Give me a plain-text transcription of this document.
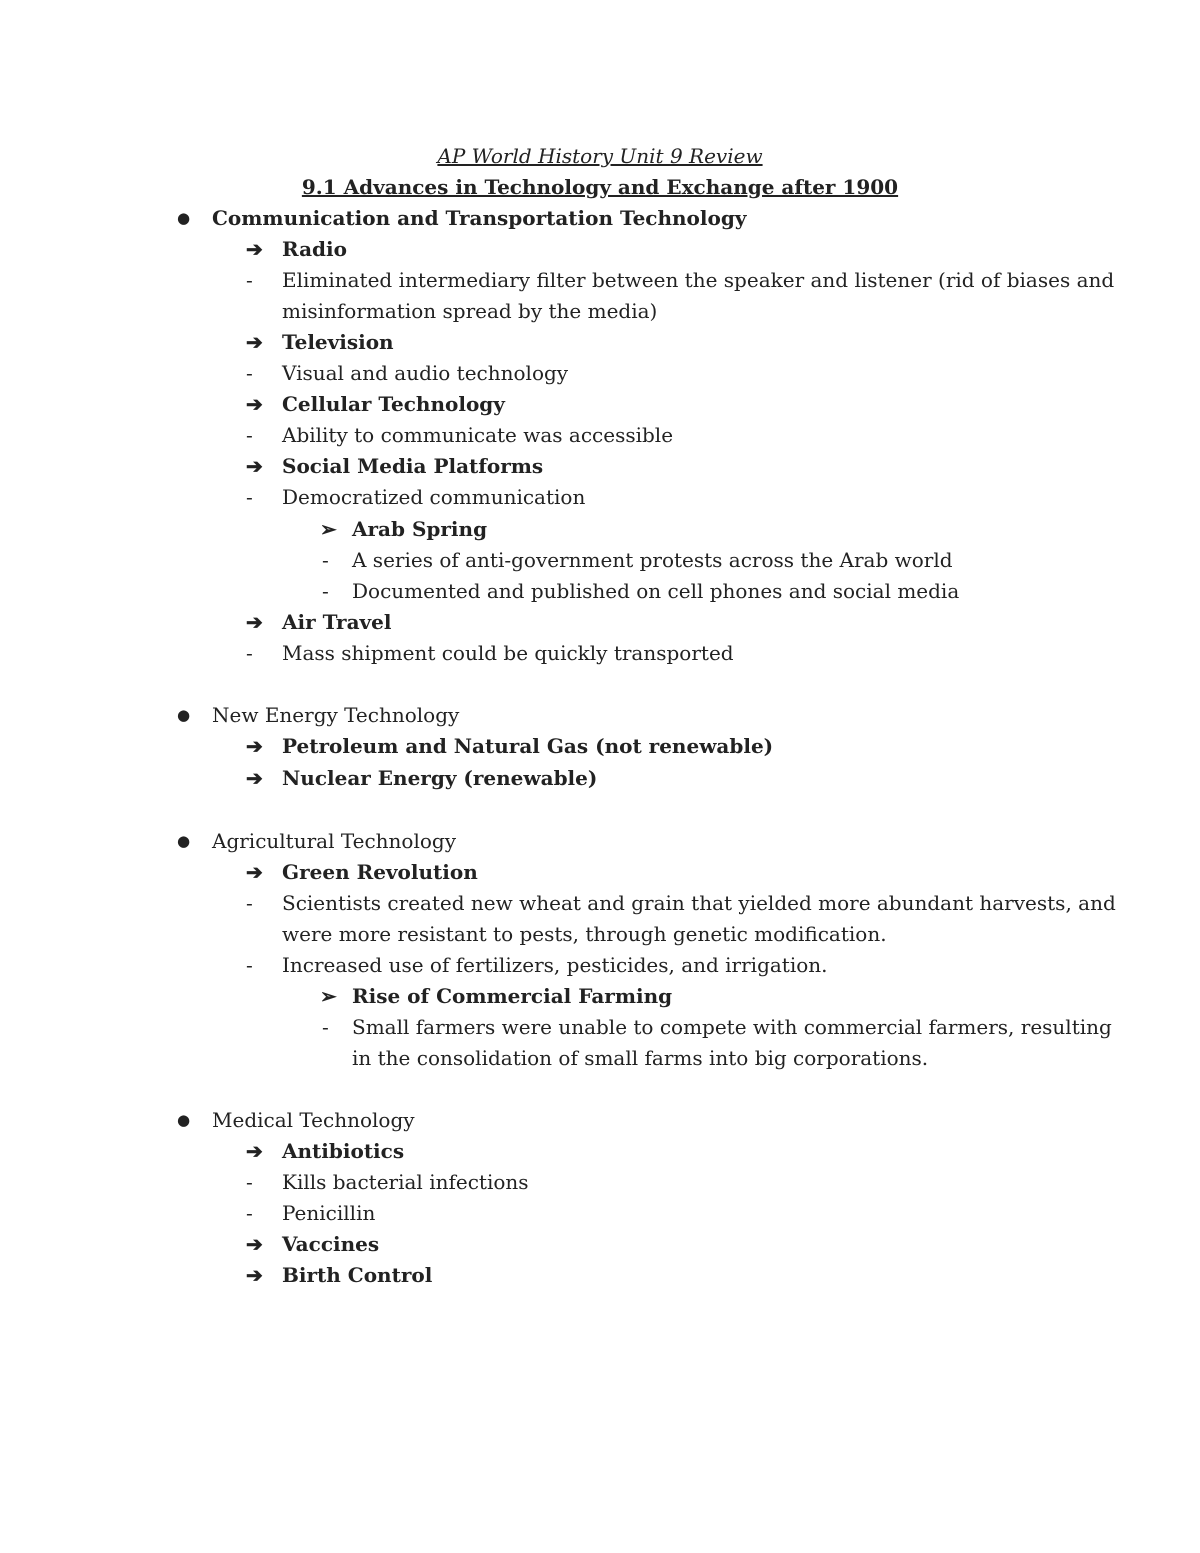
AP World History Unit 9 Review
9.1 Advances in Technology and Exchange after 1900
● Communication and Transportation Technology
➔ Radio
- Eliminated intermediary filter between the speaker and listener (rid of biases and
misinformation spread by the media)
➔ Television
- Visual and audio technology
➔ Cellular Technology
- Ability to communicate was accessible
➔ Social Media Platforms
- Democratized communication
➢ Arab Spring
- A series of anti-government protests across the Arab world
- Documented and published on cell phones and social media
➔ Air Travel
- Mass shipment could be quickly transported
● New Energy Technology
➔ Petroleum and Natural Gas (not renewable)
➔ Nuclear Energy (renewable)
● Agricultural Technology
➔ Green Revolution
- Scientists created new wheat and grain that yielded more abundant harvests, and
were more resistant to pests, through genetic modification.
- Increased use of fertilizers, pesticides, and irrigation.
➢ Rise of Commercial Farming
- Small farmers were unable to compete with commercial farmers, resulting
in the consolidation of small farms into big corporations.
● Medical Technology
➔ Antibiotics
- Kills bacterial infections
- Penicillin
➔ Vaccines
➔ Birth Control
